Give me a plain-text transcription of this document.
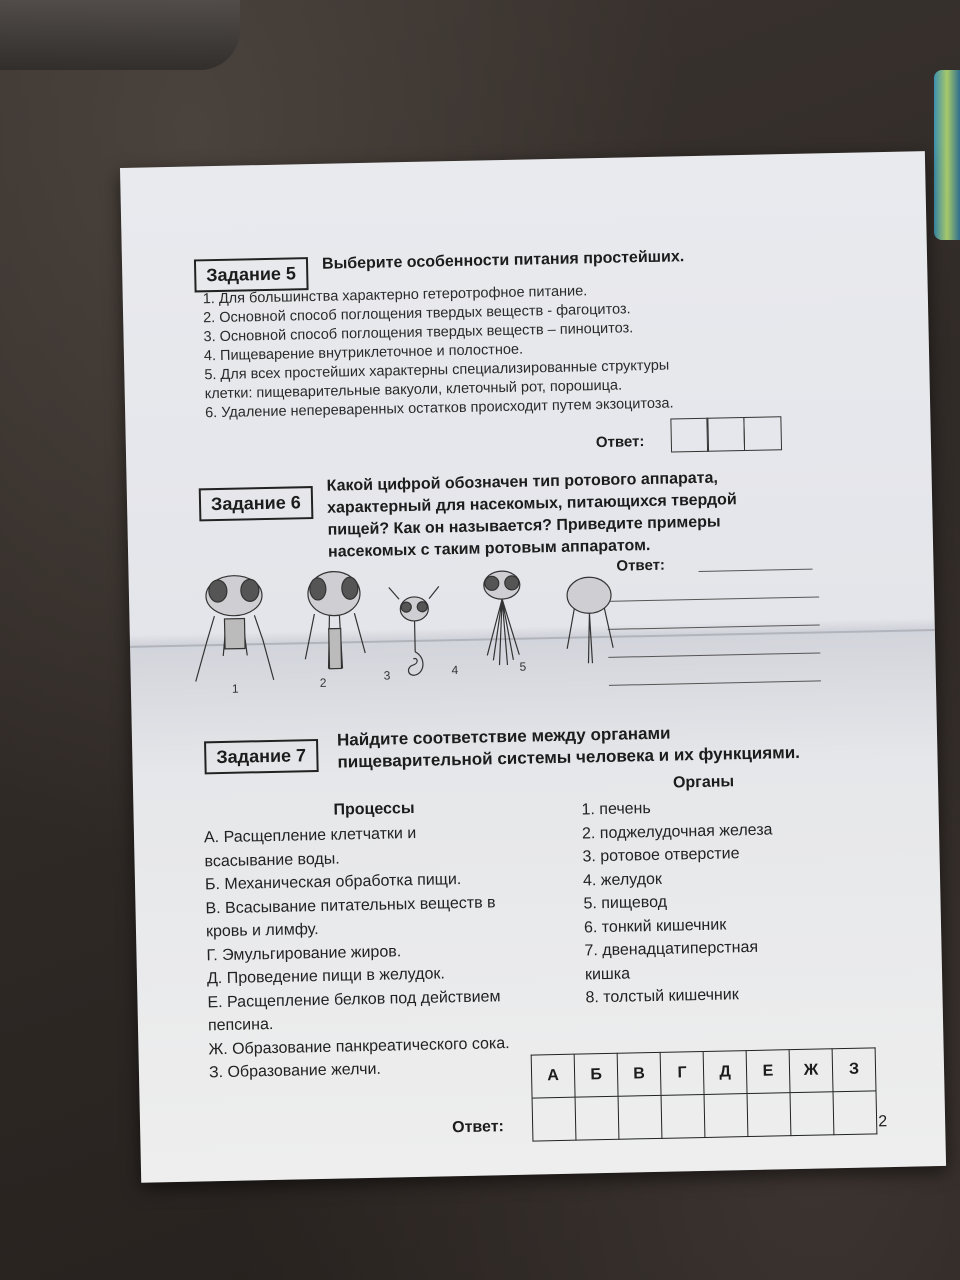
Задание 5
Выберите особенности питания простейших.
1. Для большинства характерно гетеротрофное питание.
2. Основной способ поглощения твердых веществ - фагоцитоз.
3. Основной способ поглощения твердых веществ – пиноцитоз.
4. Пищеварение внутриклеточное и полостное.
5. Для всех простейших характерны специализированные структуры
клетки: пищеварительные вакуоли, клеточный рот, порошица.
6. Удаление непереваренных остатков происходит путем экзоцитоза.
Ответ:
Задание 6
Какой цифрой обозначен тип ротового аппарата,
характерный для насекомых, питающихся твердой
пищей? Как он называется? Приведите примеры
насекомых с таким ротовым аппаратом.
Ответ:
1	2
3	4	5
Задание 7
Найдите соответствие между органами
пищеварительной системы человека и их функциями.
Процессы
А. Расщепление клетчатки и
всасывание воды.
Б. Механическая обработка пищи.
В. Всасывание питательных веществ в
кровь и лимфу.
Г. Эмульгирование жиров.
Д. Проведение пищи в желудок.
Е. Расщепление белков под действием
пепсина.
Ж. Образование панкреатического сока.
З. Образование желчи.
Органы
1. печень
2. поджелудочная железа
3. ротовое отверстие
4. желудок
5. пищевод
6. тонкий кишечник
7. двенадцатиперстная
кишка
8. толстый кишечник
А	Б	В	Г	Д	Е	Ж	З

Ответ:	2
